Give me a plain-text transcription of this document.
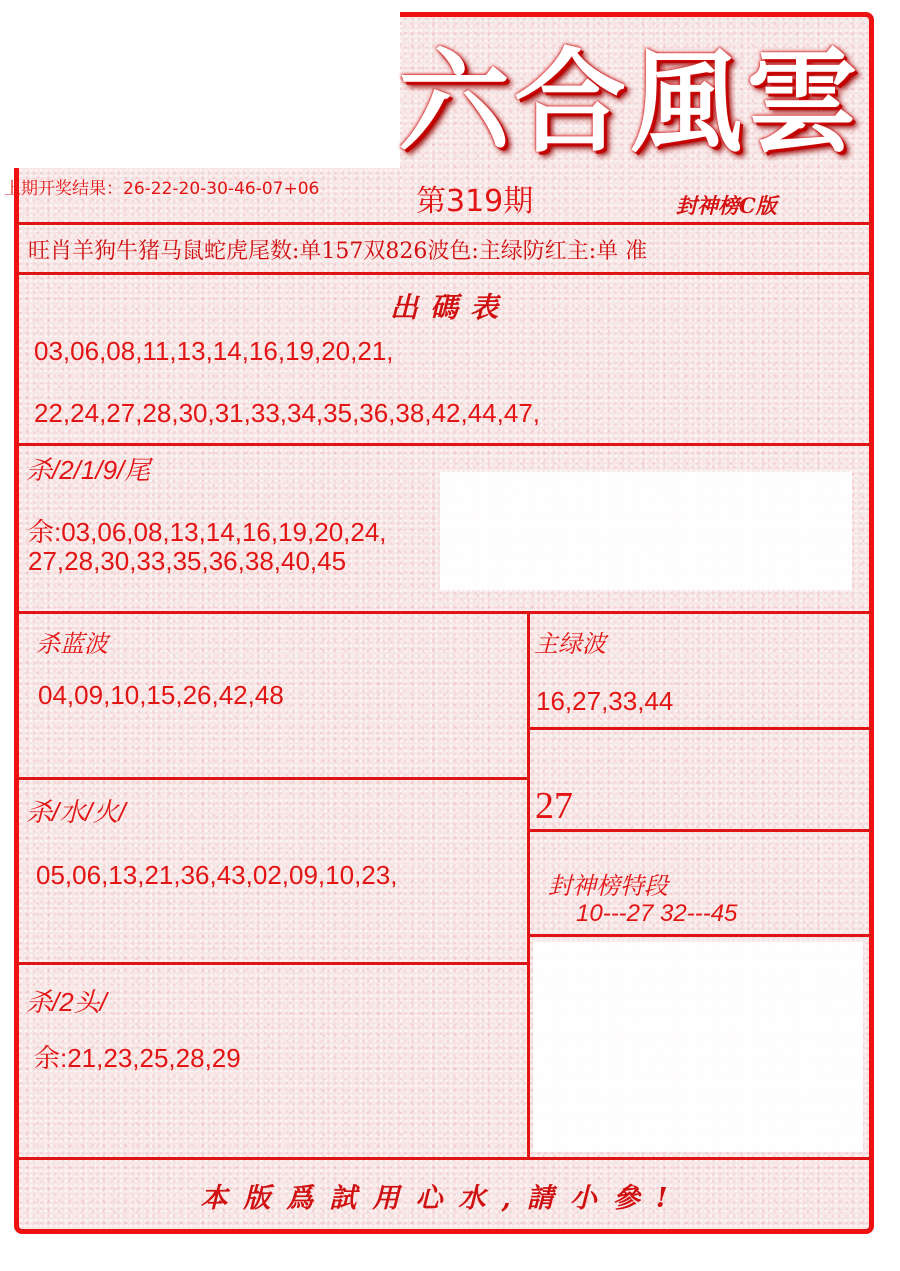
六合風雲
封神榜C版
上期开奖结果：26-22-20-30-46-07+06	第319期
旺肖羊狗牛猪马鼠蛇虎尾数:单157双826波色:主绿防红主:单 准
出碼表
03,06,08,11,13,14,16,19,20,21,
22,24,27,28,30,31,33,34,35,36,38,42,44,47,
杀/2/1/9/尾
余:03,06,08,13,14,16,19,20,24,
27,28,30,33,35,36,38,40,45
杀蓝波
04,09,10,15,26,42,48
主绿波
16,27,33,44
杀/水/火/
05,06,13,21,36,43,02,09,10,23,
27
封神榜特段
10---27 32---45
杀/2头/
余:21,23,25,28,29
本版爲試用心水,請小參!
